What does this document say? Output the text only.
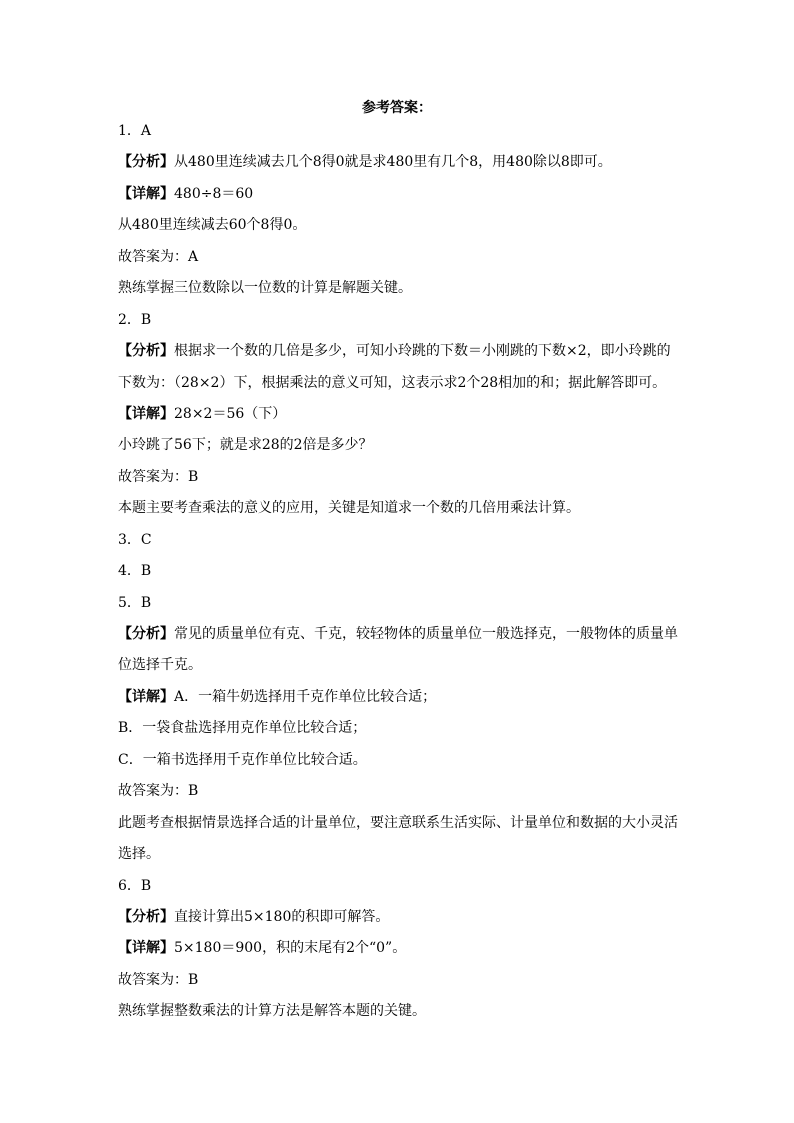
参考答案：
1．A
【分析】从480里连续减去几个8得0就是求480里有几个8，用480除以8即可。
【详解】480÷8＝60
从480里连续减去60个8得0。
故答案为：A
熟练掌握三位数除以一位数的计算是解题关键。
2．B
【分析】根据求一个数的几倍是多少，可知小玲跳的下数＝小刚跳的下数×2，即小玲跳的下数为：（28×2）下，根据乘法的意义可知，这表示求2个28相加的和；据此解答即可。
【详解】28×2＝56（下）
小玲跳了56下；就是求28的2倍是多少？
故答案为：B
本题主要考查乘法的意义的应用，关键是知道求一个数的几倍用乘法计算。
3．C
4．B
5．B
【分析】常见的质量单位有克、千克，较轻物体的质量单位一般选择克，一般物体的质量单位选择千克。
【详解】A．一箱牛奶选择用千克作单位比较合适；
B．一袋食盐选择用克作单位比较合适；
C．一箱书选择用千克作单位比较合适。
故答案为：B
此题考查根据情景选择合适的计量单位，要注意联系生活实际、计量单位和数据的大小灵活选择。
6．B
【分析】直接计算出5×180的积即可解答。
【详解】5×180＝900，积的末尾有2个“0”。
故答案为：B
熟练掌握整数乘法的计算方法是解答本题的关键。
